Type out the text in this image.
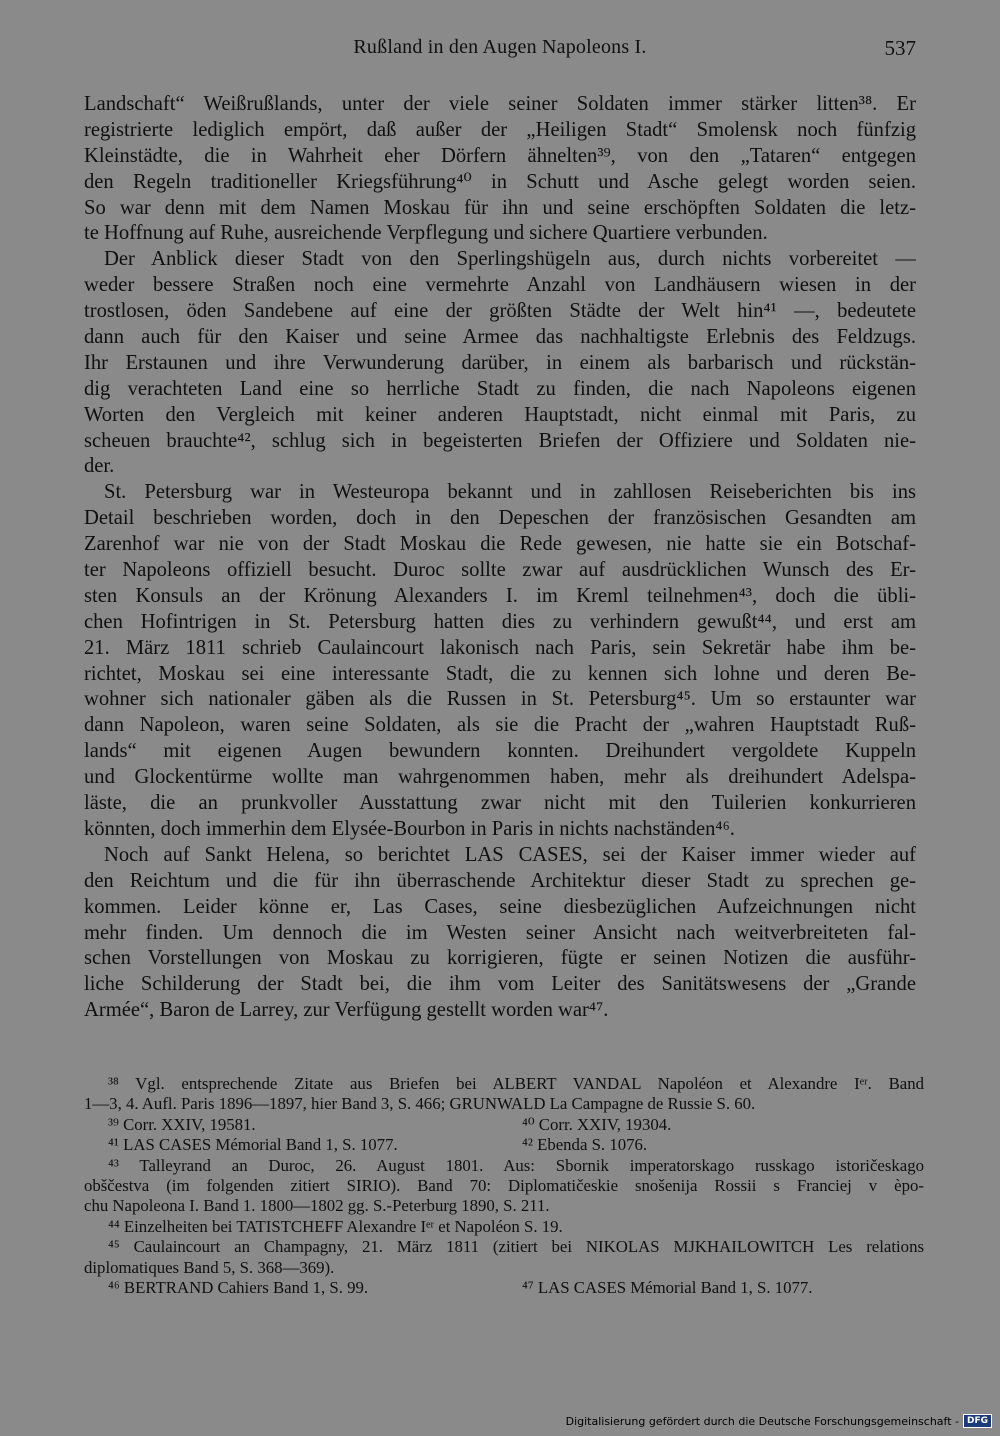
Rußland in den Augen Napoleons I.	537
Landschaft“ Weißrußlands, unter der viele seiner Soldaten immer stärker litten³⁸. Er
registrierte lediglich empört, daß außer der „Heiligen Stadt“ Smolensk noch fünfzig
Kleinstädte, die in Wahrheit eher Dörfern ähnelten³⁹, von den „Tataren“ entgegen
den Regeln traditioneller Kriegsführung⁴⁰ in Schutt und Asche gelegt worden seien.
So war denn mit dem Namen Moskau für ihn und seine erschöpften Soldaten die letz-
te Hoffnung auf Ruhe, ausreichende Verpflegung und sichere Quartiere verbunden.
Der Anblick dieser Stadt von den Sperlingshügeln aus, durch nichts vorbereitet —
weder bessere Straßen noch eine vermehrte Anzahl von Landhäusern wiesen in der
trostlosen, öden Sandebene auf eine der größten Städte der Welt hin⁴¹ —, bedeutete
dann auch für den Kaiser und seine Armee das nachhaltigste Erlebnis des Feldzugs.
Ihr Erstaunen und ihre Verwunderung darüber, in einem als barbarisch und rückstän-
dig verachteten Land eine so herrliche Stadt zu finden, die nach Napoleons eigenen
Worten den Vergleich mit keiner anderen Hauptstadt, nicht einmal mit Paris, zu
scheuen brauchte⁴², schlug sich in begeisterten Briefen der Offiziere und Soldaten nie-
der.
St. Petersburg war in Westeuropa bekannt und in zahllosen Reiseberichten bis ins
Detail beschrieben worden, doch in den Depeschen der französischen Gesandten am
Zarenhof war nie von der Stadt Moskau die Rede gewesen, nie hatte sie ein Botschaf-
ter Napoleons offiziell besucht. Duroc sollte zwar auf ausdrücklichen Wunsch des Er-
sten Konsuls an der Krönung Alexanders I. im Kreml teilnehmen⁴³, doch die übli-
chen Hofintrigen in St. Petersburg hatten dies zu verhindern gewußt⁴⁴, und erst am
21. März 1811 schrieb Caulaincourt lakonisch nach Paris, sein Sekretär habe ihm be-
richtet, Moskau sei eine interessante Stadt, die zu kennen sich lohne und deren Be-
wohner sich nationaler gäben als die Russen in St. Petersburg⁴⁵. Um so erstaunter war
dann Napoleon, waren seine Soldaten, als sie die Pracht der „wahren Hauptstadt Ruß-
lands“ mit eigenen Augen bewundern konnten. Dreihundert vergoldete Kuppeln
und Glockentürme wollte man wahrgenommen haben, mehr als dreihundert Adelspa-
läste, die an prunkvoller Ausstattung zwar nicht mit den Tuilerien konkurrieren
könnten, doch immerhin dem Elysée-Bourbon in Paris in nichts nachständen⁴⁶.
Noch auf Sankt Helena, so berichtet LAS CASES, sei der Kaiser immer wieder auf
den Reichtum und die für ihn überraschende Architektur dieser Stadt zu sprechen ge-
kommen. Leider könne er, Las Cases, seine diesbezüglichen Aufzeichnungen nicht
mehr finden. Um dennoch die im Westen seiner Ansicht nach weitverbreiteten fal-
schen Vorstellungen von Moskau zu korrigieren, fügte er seinen Notizen die ausführ-
liche Schilderung der Stadt bei, die ihm vom Leiter des Sanitätswesens der „Grande
Armée“, Baron de Larrey, zur Verfügung gestellt worden war⁴⁷.
³⁸ Vgl. entsprechende Zitate aus Briefen bei ALBERT VANDAL Napoléon et Alexandre Iᵉʳ. Band
1—3, 4. Aufl. Paris 1896—1897, hier Band 3, S. 466; GRUNWALD La Campagne de Russie S. 60.
³⁹ Corr. XXIV, 19581.	⁴⁰ Corr. XXIV, 19304.
⁴¹ LAS CASES Mémorial Band 1, S. 1077.	⁴² Ebenda S. 1076.
⁴³ Talleyrand an Duroc, 26. August 1801. Aus: Sbornik imperatorskago russkago istoričeskago
obščestva (im folgenden zitiert SIRIO). Band 70: Diplomatičeskie snošenija Rossii s Franciej v èpo-
chu Napoleona I. Band 1. 1800—1802 gg. S.-Peterburg 1890, S. 211.
⁴⁴ Einzelheiten bei TATISTCHEFF Alexandre Iᵉʳ et Napoléon S. 19.
⁴⁵ Caulaincourt an Champagny, 21. März 1811 (zitiert bei NIKOLAS MJKHAILOWITCH Les relations
diplomatiques Band 5, S. 368—369).
⁴⁶ BERTRAND Cahiers Band 1, S. 99.	⁴⁷ LAS CASES Mémorial Band 1, S. 1077.
Digitalisierung gefördert durch die Deutsche Forschungsgemeinschaft - DFG
